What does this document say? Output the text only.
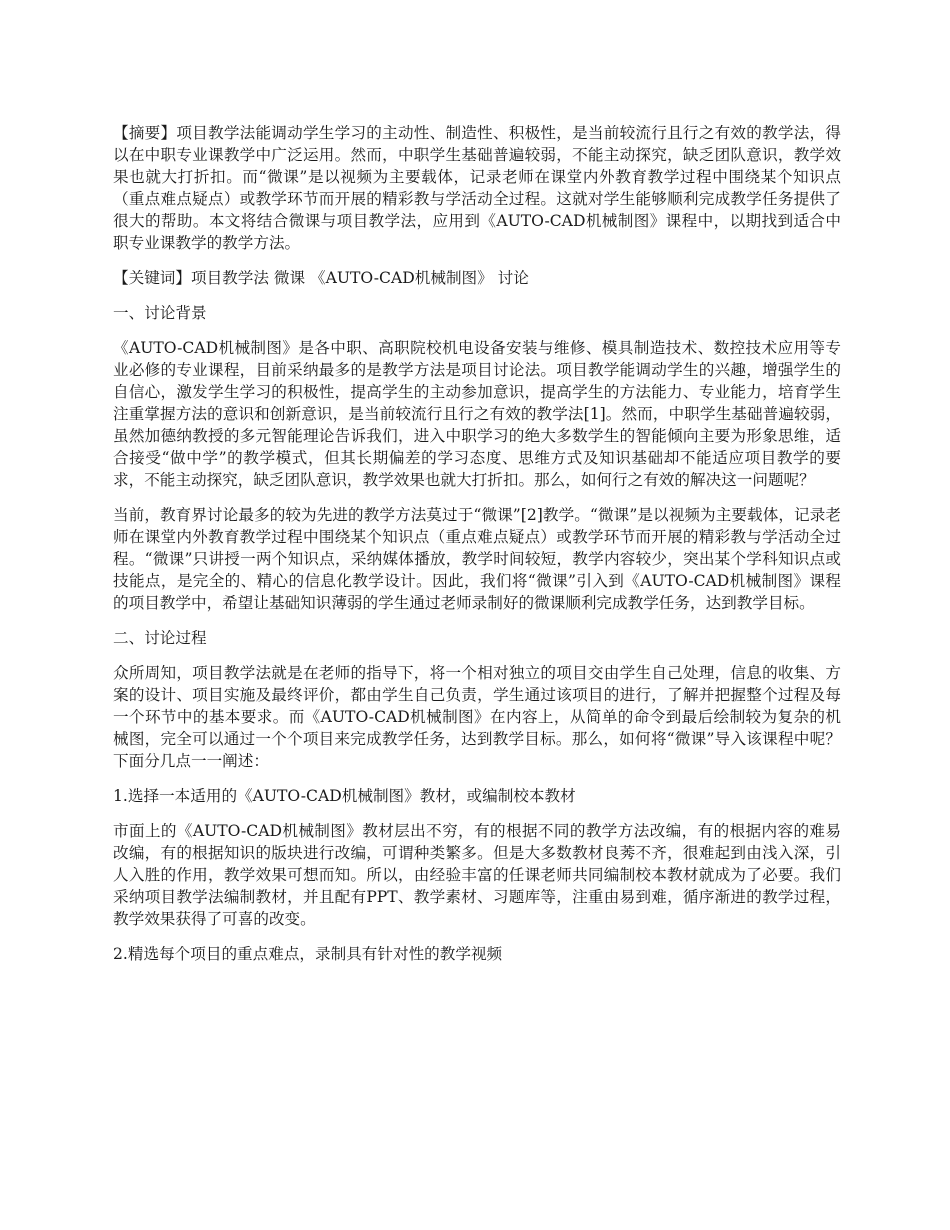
【摘要】项目教学法能调动学生学习的主动性、制造性、积极性，是当前较流行且行之有效的教学法，得以在中职专业课教学中广泛运用。然而，中职学生基础普遍较弱，不能主动探究，缺乏团队意识，教学效果也就大打折扣。而“微课”是以视频为主要载体，记录老师在课堂内外教育教学过程中围绕某个知识点（重点难点疑点）或教学环节而开展的精彩教与学活动全过程。这就对学生能够顺利完成教学任务提供了很大的帮助。本文将结合微课与项目教学法，应用到《AUTO-CAD机械制图》课程中，以期找到适合中职专业课教学的教学方法。

【关键词】项目教学法 微课 《AUTO-CAD机械制图》 讨论

一、讨论背景

《AUTO-CAD机械制图》是各中职、高职院校机电设备安装与维修、模具制造技术、数控技术应用等专业必修的专业课程，目前采纳最多的是教学方法是项目讨论法。项目教学能调动学生的兴趣，增强学生的自信心，激发学生学习的积极性，提高学生的主动参加意识，提高学生的方法能力、专业能力，培育学生注重掌握方法的意识和创新意识，是当前较流行且行之有效的教学法[1]。然而，中职学生基础普遍较弱，虽然加德纳教授的多元智能理论告诉我们，进入中职学习的绝大多数学生的智能倾向主要为形象思维，适合接受“做中学”的教学模式，但其长期偏差的学习态度、思维方式及知识基础却不能适应项目教学的要求，不能主动探究，缺乏团队意识，教学效果也就大打折扣。那么，如何行之有效的解决这一问题呢？

当前，教育界讨论最多的较为先进的教学方法莫过于“微课”[2]教学。“微课”是以视频为主要载体，记录老师在课堂内外教育教学过程中围绕某个知识点（重点难点疑点）或教学环节而开展的精彩教与学活动全过程。“微课”只讲授一两个知识点，采纳媒体播放，教学时间较短，教学内容较少，突出某个学科知识点或技能点，是完全的、精心的信息化教学设计。因此，我们将“微课”引入到《AUTO-CAD机械制图》课程的项目教学中，希望让基础知识薄弱的学生通过老师录制好的微课顺利完成教学任务，达到教学目标。

二、讨论过程

众所周知，项目教学法就是在老师的指导下，将一个相对独立的项目交由学生自己处理，信息的收集、方案的设计、项目实施及最终评价，都由学生自己负责，学生通过该项目的进行，了解并把握整个过程及每一个环节中的基本要求。而《AUTO-CAD机械制图》在内容上，从简单的命令到最后绘制较为复杂的机械图，完全可以通过一个个项目来完成教学任务，达到教学目标。那么，如何将“微课”导入该课程中呢？下面分几点一一阐述：

1.选择一本适用的《AUTO-CAD机械制图》教材，或编制校本教材

市面上的《AUTO-CAD机械制图》教材层出不穷，有的根据不同的教学方法改编，有的根据内容的难易改编，有的根据知识的版块进行改编，可谓种类繁多。但是大多数教材良莠不齐，很难起到由浅入深，引人入胜的作用，教学效果可想而知。所以，由经验丰富的任课老师共同编制校本教材就成为了必要。我们采纳项目教学法编制教材，并且配有PPT、教学素材、习题库等，注重由易到难，循序渐进的教学过程，教学效果获得了可喜的改变。

2.精选每个项目的重点难点，录制具有针对性的教学视频
